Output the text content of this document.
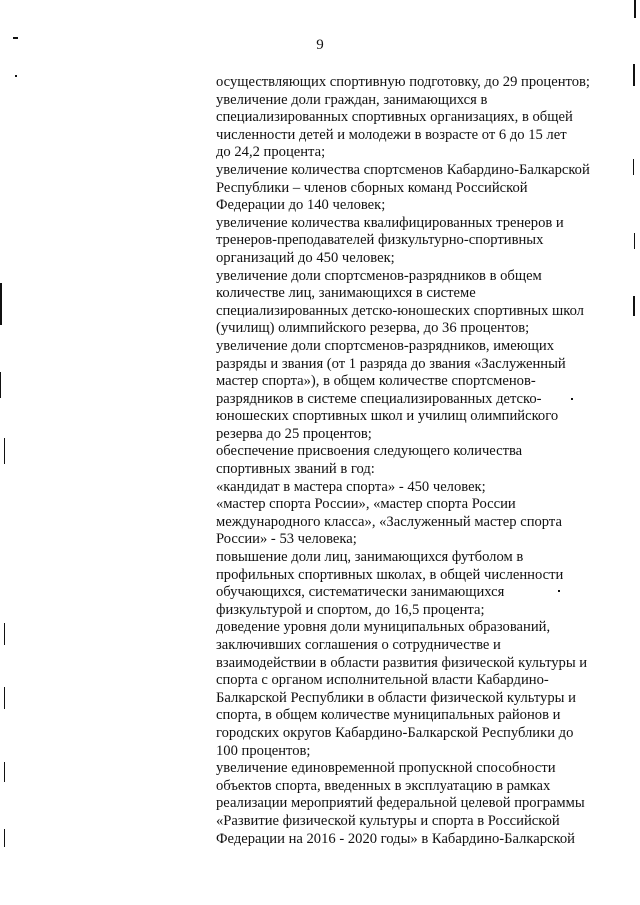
9
осуществляющих спортивную подготовку, до 29 процентов;
увеличение доли граждан, занимающихся в
специализированных спортивных организациях, в общей
численности детей и молодежи в возрасте от 6 до 15 лет
до 24,2 процента;
увеличение количества спортсменов Кабардино-Балкарской
Республики – членов сборных команд Российской
Федерации до 140 человек;
увеличение количества квалифицированных тренеров и
тренеров-преподавателей физкультурно-спортивных
организаций до 450 человек;
увеличение доли спортсменов-разрядников в общем
количестве лиц, занимающихся в системе
специализированных детско-юношеских спортивных школ
(училищ) олимпийского резерва, до 36 процентов;
увеличение доли спортсменов-разрядников, имеющих
разряды и звания (от 1 разряда до звания «Заслуженный
мастер спорта»), в общем количестве спортсменов-
разрядников в системе специализированных детско-
юношеских спортивных школ и училищ олимпийского
резерва до 25 процентов;
обеспечение присвоения следующего количества
спортивных званий в год:
«кандидат в мастера спорта» - 450 человек;
«мастер спорта России», «мастер спорта России
международного класса», «Заслуженный мастер спорта
России» - 53 человека;
повышение доли лиц, занимающихся футболом в
профильных спортивных школах, в общей численности
обучающихся, систематически занимающихся
физкультурой и спортом, до 16,5 процента;
доведение уровня доли муниципальных образований,
заключивших соглашения о сотрудничестве и
взаимодействии в области развития физической культуры и
спорта с органом исполнительной власти Кабардино-
Балкарской Республики в области физической культуры и
спорта, в общем количестве муниципальных районов и
городских округов Кабардино-Балкарской Республики до
100 процентов;
увеличение единовременной пропускной способности
объектов спорта, введенных в эксплуатацию в рамках
реализации мероприятий федеральной целевой программы
«Развитие физической культуры и спорта в Российской
Федерации на 2016 - 2020 годы» в Кабардино-Балкарской
